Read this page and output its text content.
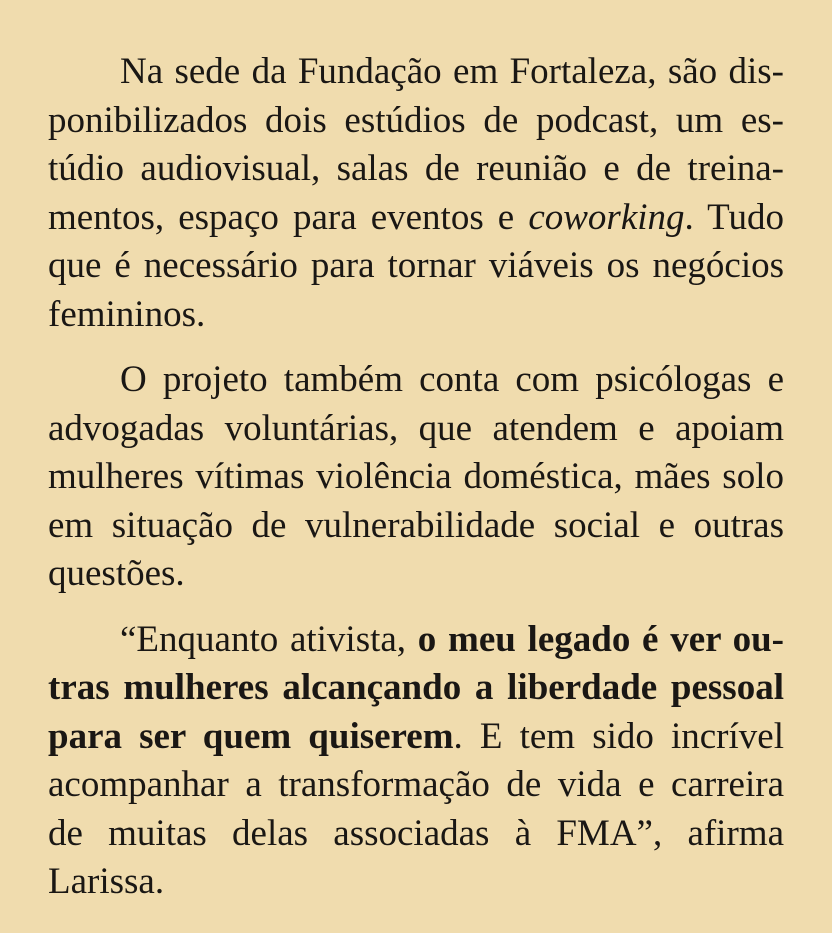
Na sede da Fundação em Fortaleza, são disponibilizados dois estúdios de podcast, um estúdio audiovisual, salas de reunião e de treinamentos, espaço para eventos e coworking. Tudo que é necessário para tornar viáveis os negócios femininos.

O projeto também conta com psicólogas e advogadas voluntárias, que atendem e apoiam mulheres vítimas violência doméstica, mães solo em situação de vulnerabilidade social e outras questões.

“Enquanto ativista, o meu legado é ver outras mulheres alcançando a liberdade pessoal para ser quem quiserem. E tem sido incrível acompanhar a transformação de vida e carreira de muitas delas associadas à FMA”, afirma Larissa.
